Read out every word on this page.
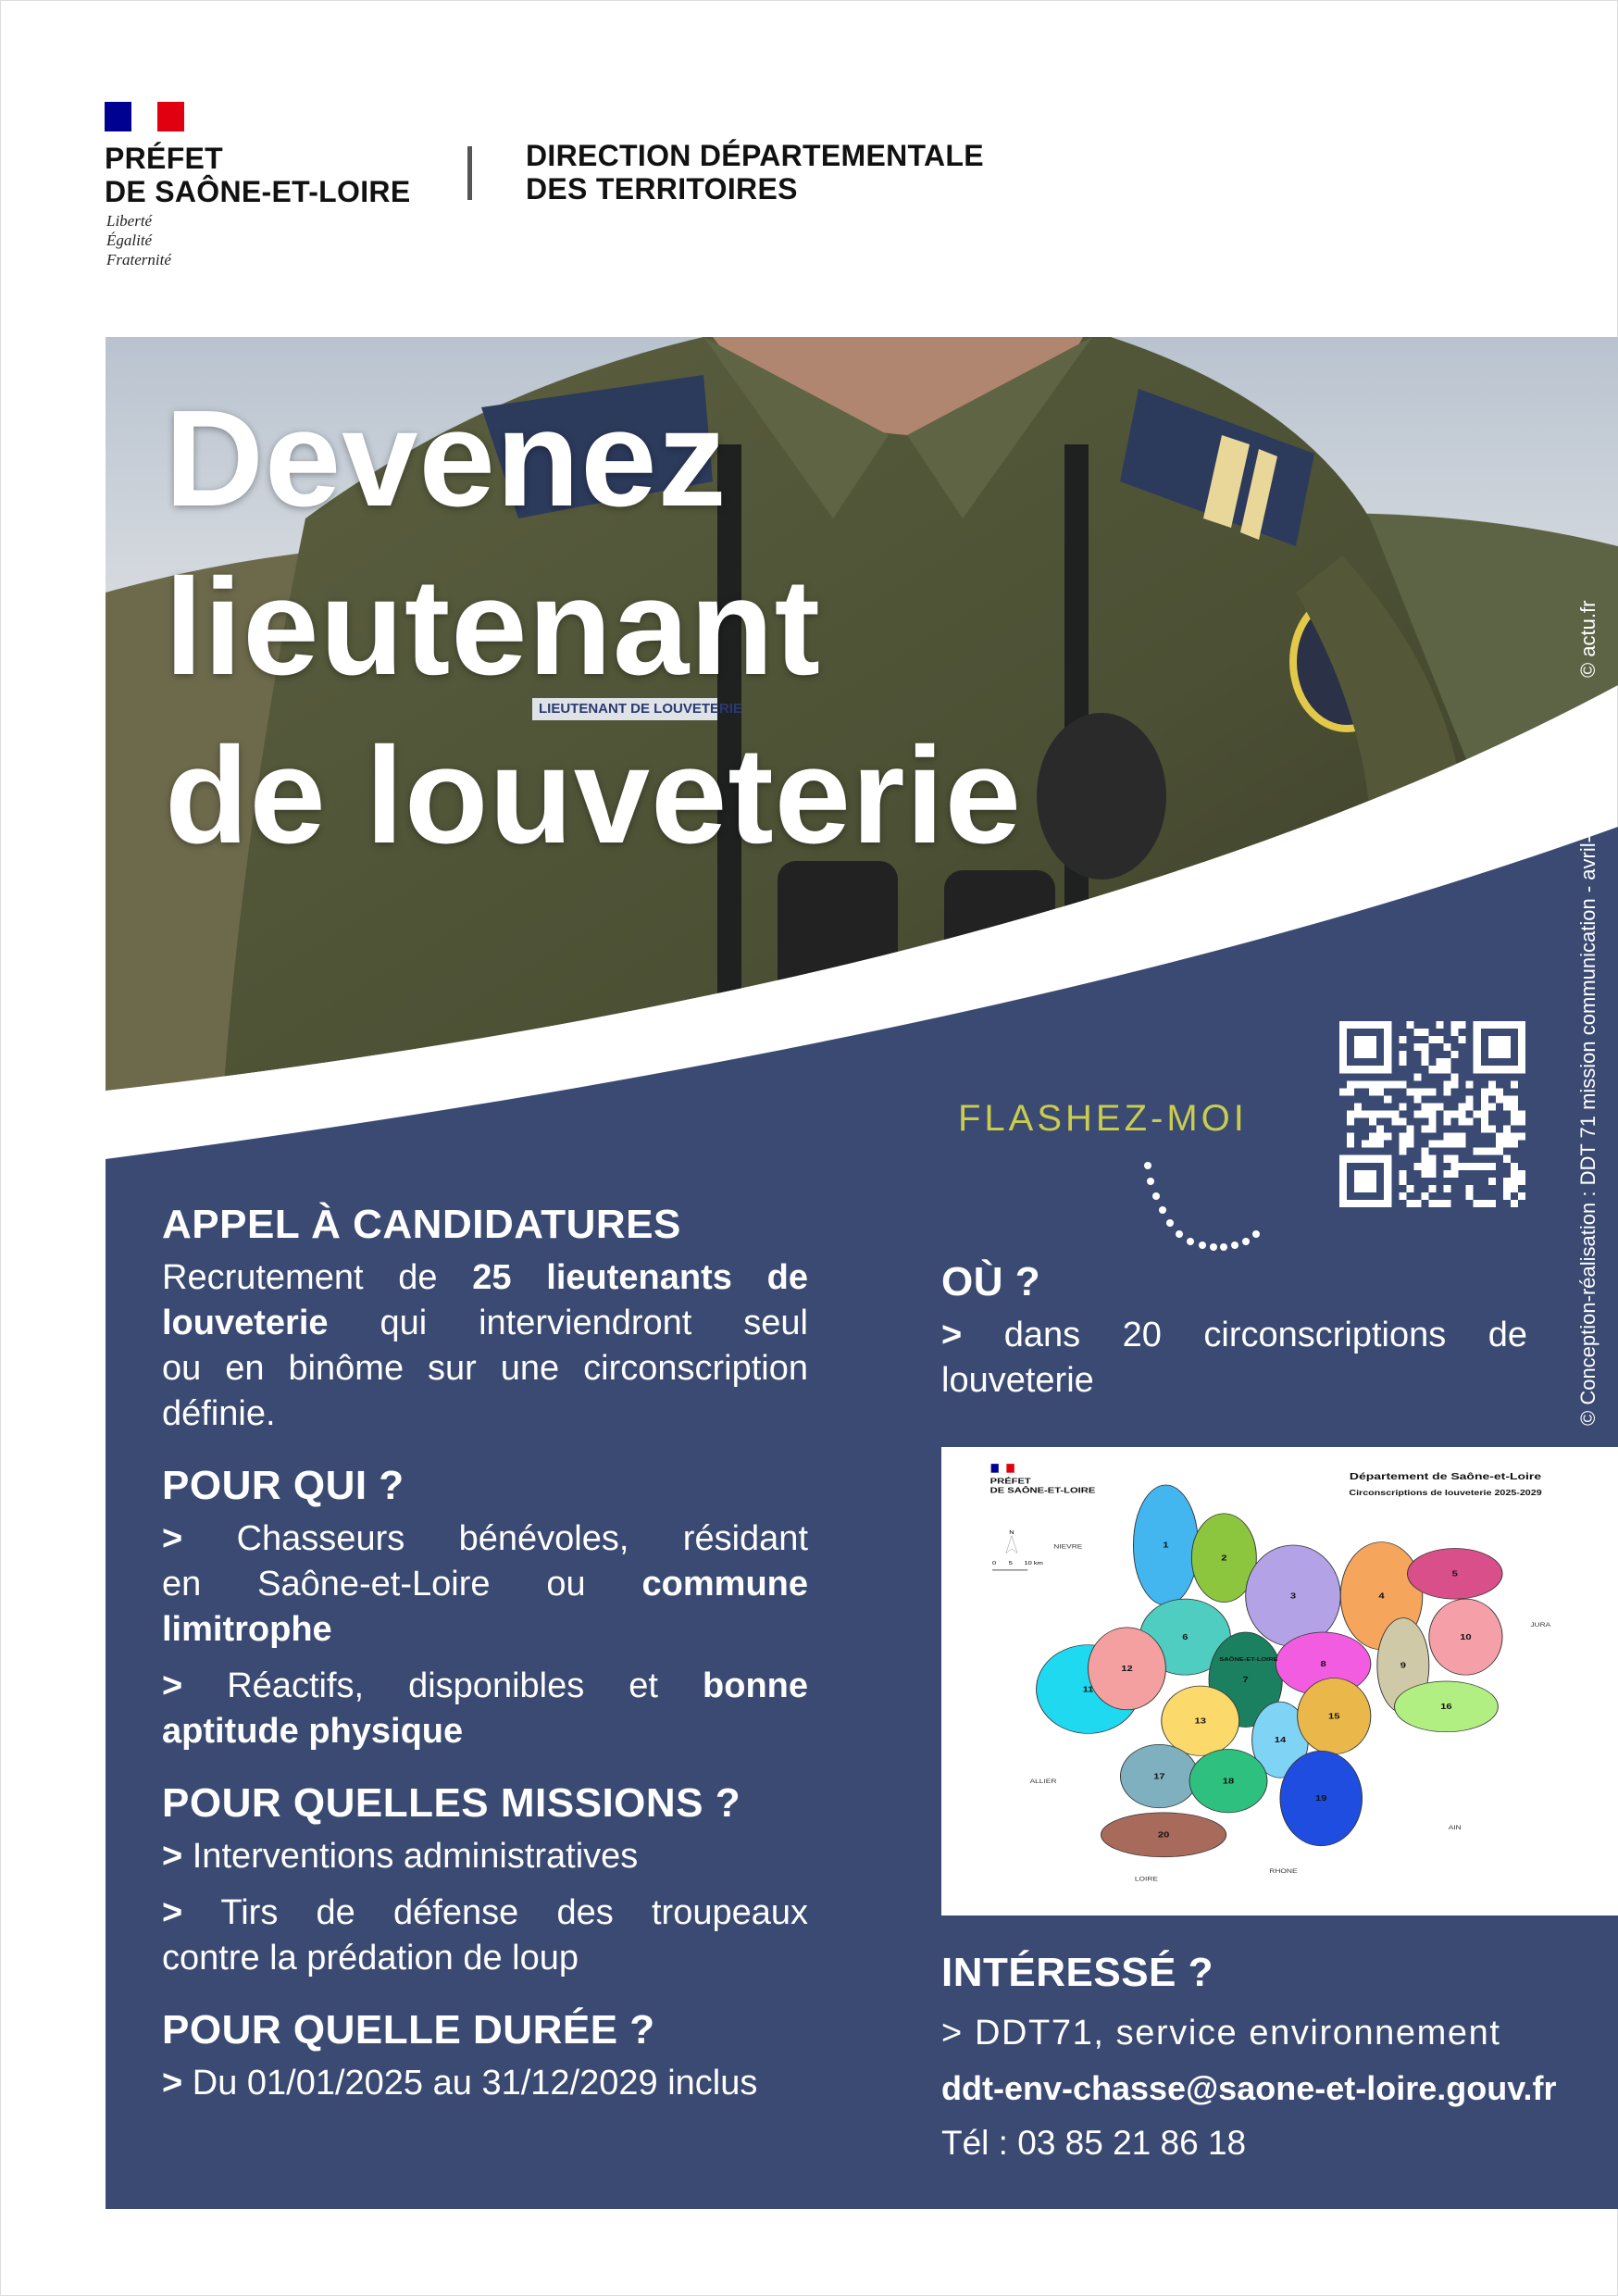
PRÉFET
DE SAÔNE-ET-LOIRE
Liberté
Égalité
Fraternité
DIRECTION DÉPARTEMENTALE
DES TERRITOIRES
Devenez
lieutenant
de louveterie
LIEUTENANT DE LOUVETERIE
© actu.fr
© Conception-réalisation : DDT 71 mission communication - avril-2024
APPEL À CANDIDATURES
Recrutement de 25 lieutenants de
louveterie qui interviendront seul
ou en binôme sur une circonscription
définie.
POUR QUI ?
> Chasseurs bénévoles, résidant
en Saône-et-Loire ou commune
limitrophe
> Réactifs, disponibles et bonne
aptitude physique
POUR QUELLES MISSIONS ?
> Interventions administratives
> Tirs de défense des troupeaux
contre la prédation de loup
POUR QUELLE DURÉE ?
> Du 01/01/2025 au 31/12/2029 inclus
FLASHEZ-MOI
OÙ ?
> dans 20 circonscriptions de
louveterie
PRÉFET
DE SAÔNE-ET-LOIRE
Département de Saône-et-Loire
Circonscriptions de louveterie 2025-2029
N
0 5 10 km
NIEVRE
JURA
ALLIER
AIN
RHONE
LOIRE
1
2
3	4
5
6
7
8	9
10
11
12
13
14
15
16
17
18
19
20
SAÔNE-ET-LOIRE
INTÉRESSÉ ?
> DDT71, service environnement
ddt-env-chasse@saone-et-loire.gouv.fr
Tél : 03 85 21 86 18
